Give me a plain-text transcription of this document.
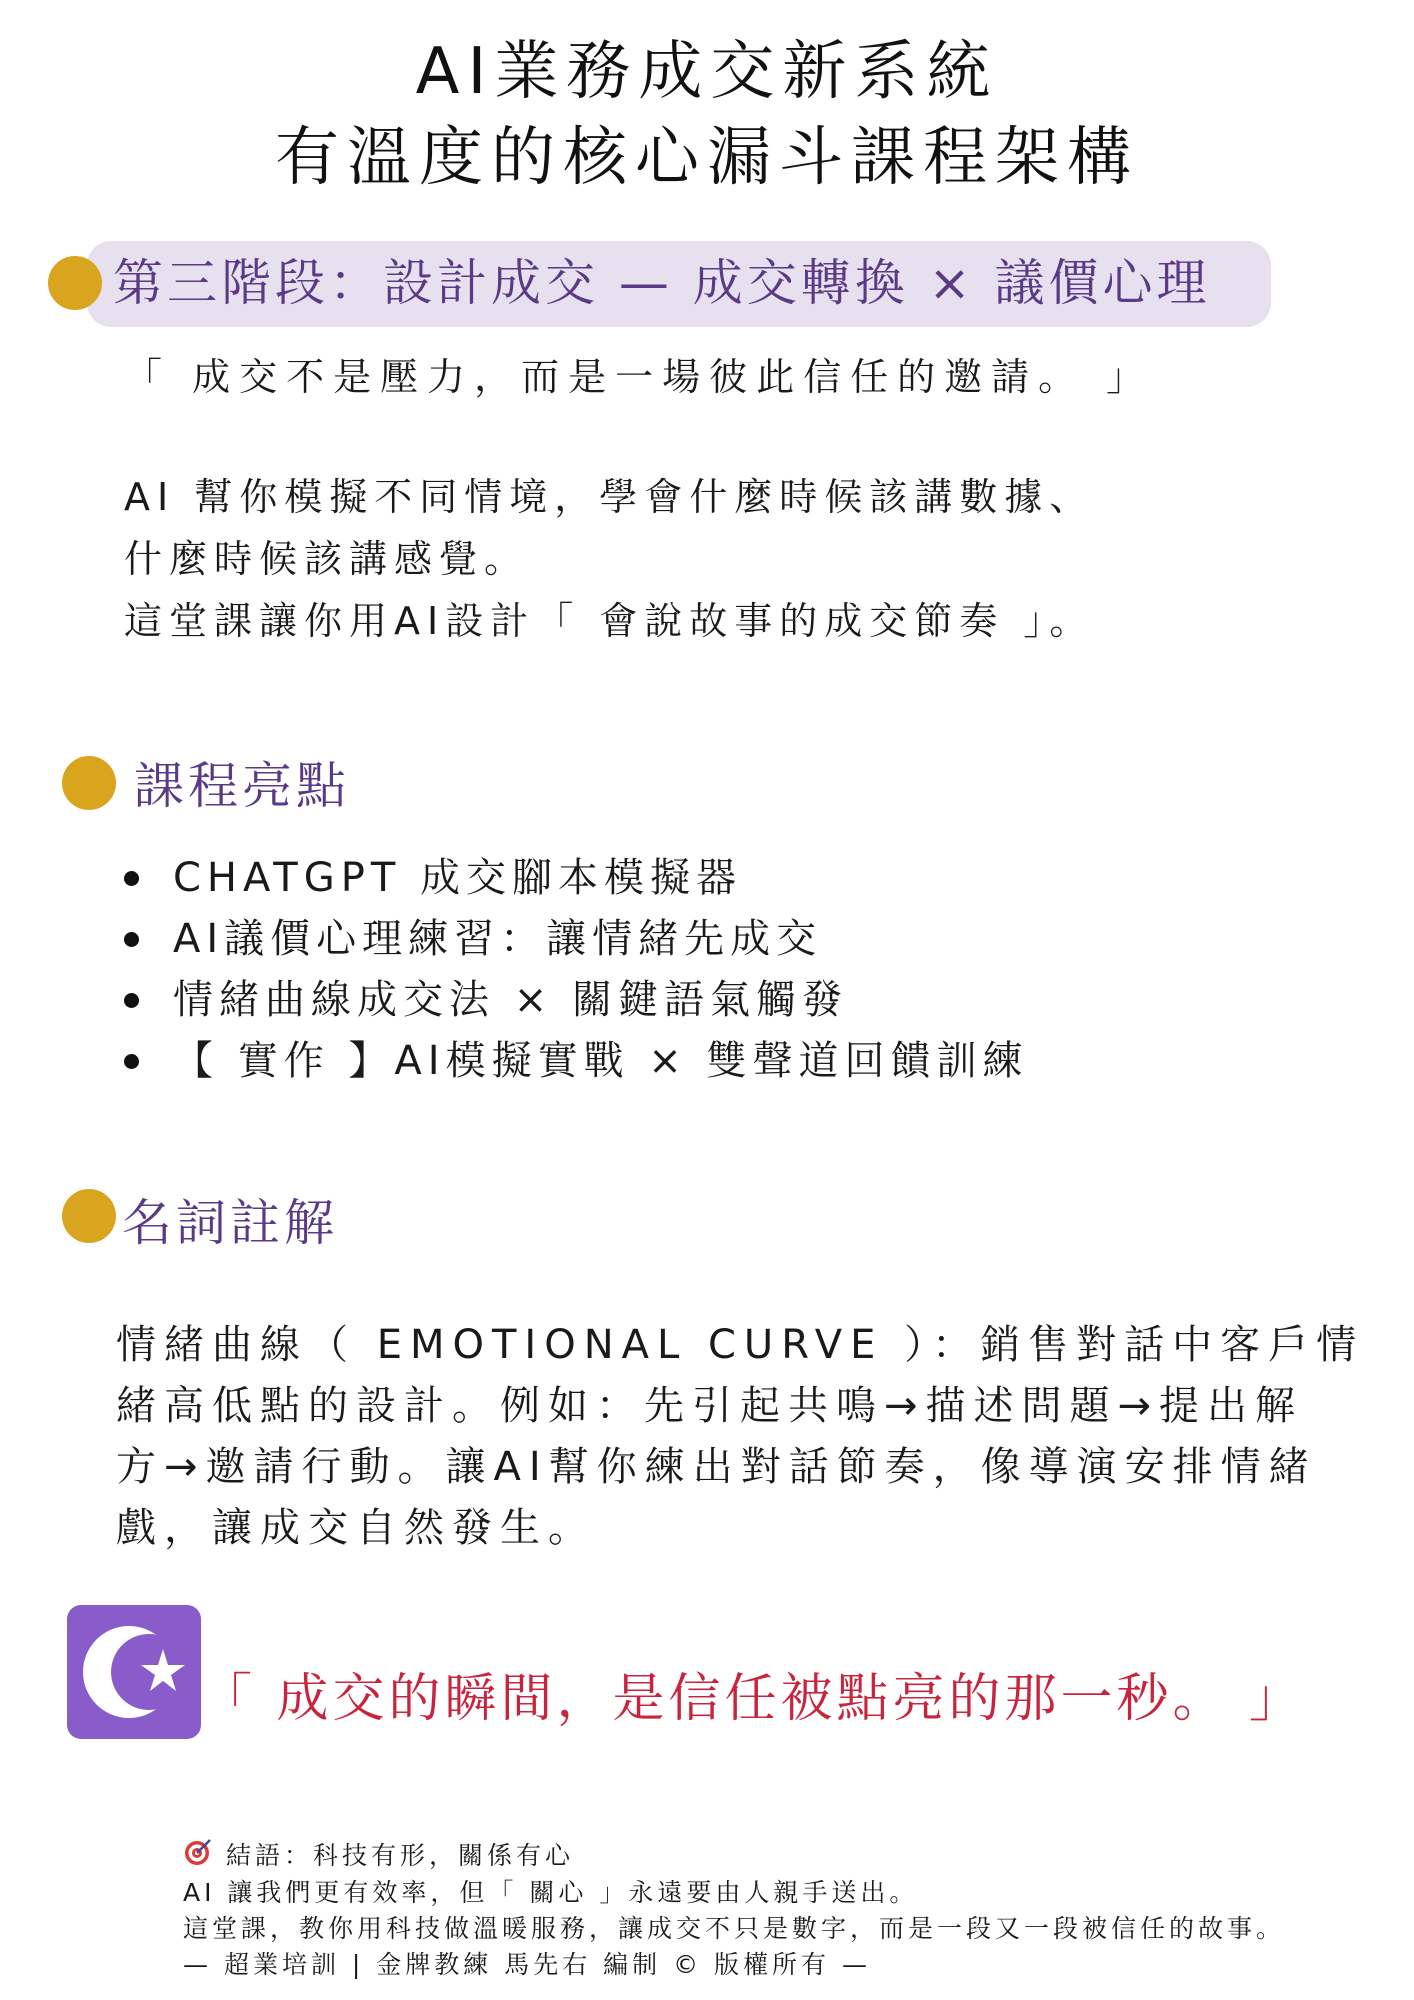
AI業務成交新系統
有溫度的核心漏斗課程架構
第三階段：設計成交 — 成交轉換 × 議價心理
「 成交不是壓力，而是一場彼此信任的邀請。 」
AI 幫你模擬不同情境，學會什麼時候該講數據、
什麼時候該講感覺。
這堂課讓你用AI設計「 會說故事的成交節奏 」。
課程亮點
CHATGPT 成交腳本模擬器
AI議價心理練習：讓情緒先成交
情緒曲線成交法 × 關鍵語氣觸發
【 實作 】AI模擬實戰 × 雙聲道回饋訓練
名詞註解
情緒曲線（ EMOTIONAL CURVE ）：銷售對話中客戶情
緒高低點的設計。例如：先引起共鳴→描述問題→提出解
方→邀請行動。讓AI幫你練出對話節奏，像導演安排情緒
戲，讓成交自然發生。
「 成交的瞬間，是信任被點亮的那一秒。 」
結語：科技有形，關係有心
AI 讓我們更有效率，但「 關心 」永遠要由人親手送出。
這堂課，教你用科技做溫暖服務，讓成交不只是數字，而是一段又一段被信任的故事。
— 超業培訓 | 金牌教練 馬先右 編制 © 版權所有 —
